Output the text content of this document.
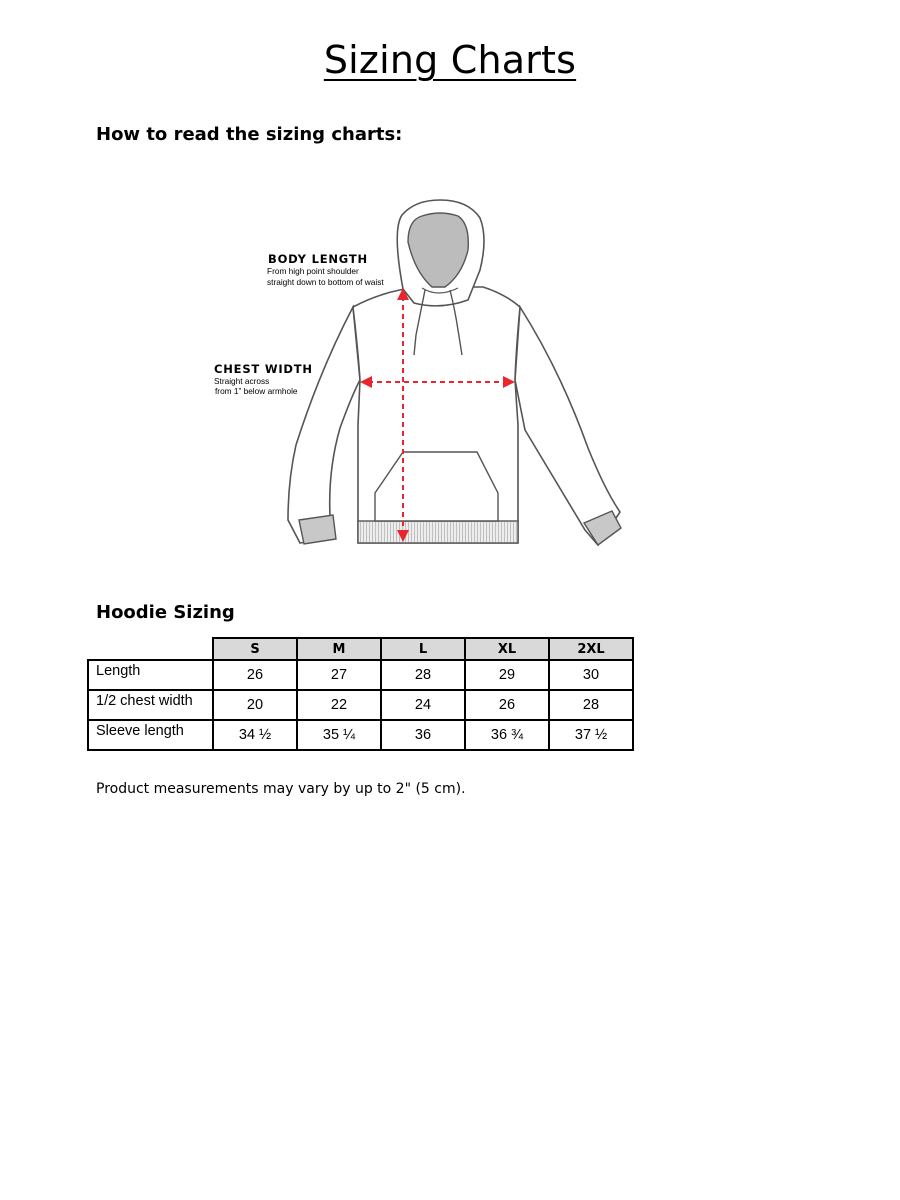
Sizing Charts
How to read the sizing charts:
BODY LENGTH
From high point shoulder
straight down to bottom of waist
CHEST WIDTH
Straight across
from 1” below armhole
Hoodie Sizing
	S	M	L	XL	2XL
Length	26	27	28	29	30
1/2 chest width	20	22	24	26	28
Sleeve length	34 ½	35 ¼	36	36 ¾	37 ½
Product measurements may vary by up to 2" (5 cm).
